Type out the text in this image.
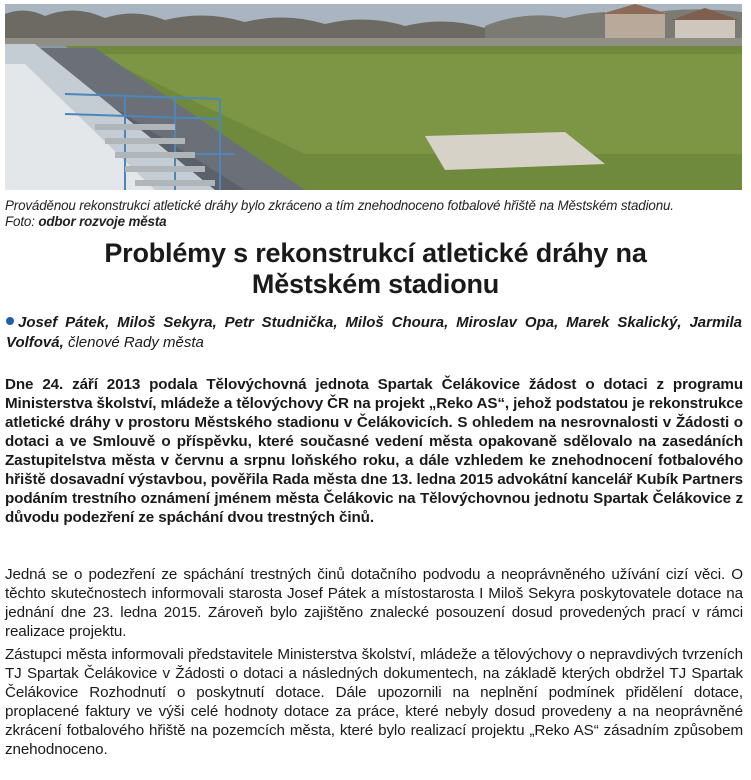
Prováděnou rekonstrukci atletické dráhy bylo zkráceno a tím znehodnoceno fotbalové hřiště na Městském stadionu.
Foto: odbor rozvoje města
Problémy s rekonstrukcí atletické dráhy na
Městském stadionu
Josef Pátek, Miloš Sekyra, Petr Studnička, Miloš Choura, Miroslav Opa, Marek Skalický, Jarmila Volfová, členové Rady města
Dne 24. září 2013 podala Tělovýchovná jednota Spartak Čelákovice žádost o dotaci z programu Ministerstva školství, mládeže a tělovýchovy ČR na projekt „Reko AS“, jehož podstatou je rekonstrukce atletické dráhy v prostoru Městského stadionu v Čelákovicích. S ohledem na nesrovnalosti v Žádosti o dotaci a ve Smlouvě o příspěvku, které současné vedení města opakovaně sdělovalo na zasedáních Zastupitelstva města v červnu a srpnu loňského roku, a dále vzhledem ke znehodnocení fotbalového hřiště dosavadní výstavbou, pověřila Rada města dne 13. ledna 2015 advokátní kancelář Kubík Partners podáním trestního oznámení jménem města Čelákovic na Tělovýchovnou jednotu Spartak Čelákovice z důvodu podezření ze spáchání dvou trestných činů.
Jedná se o podezření ze spáchání trestných činů dotačního podvodu a neoprávněného užívání cizí věci. O těchto skutečnostech informovali starosta Josef Pátek a místostarosta I Miloš Sekyra poskytovatele dotace na jednání dne 23. ledna 2015. Zároveň bylo zajištěno znalecké posouzení dosud provedených prací v rámci realizace projektu.
Zástupci města informovali představitele Ministerstva školství, mládeže a tělovýchovy o nepravdivých tvrzeních TJ Spartak Čelákovice v Žádosti o dotaci a následných dokumentech, na základě kterých obdržel TJ Spartak Čelákovice Rozhodnutí o poskytnutí dotace. Dále upozornili na neplnění podmínek přidělení dotace, proplacené faktury ve výši celé hodnoty dotace za práce, které nebyly dosud provedeny a na neoprávněné zkrácení fotbalového hřiště na pozemcích města, které bylo realizací projektu „Reko AS“ zásadním způsobem znehodnoceno.
